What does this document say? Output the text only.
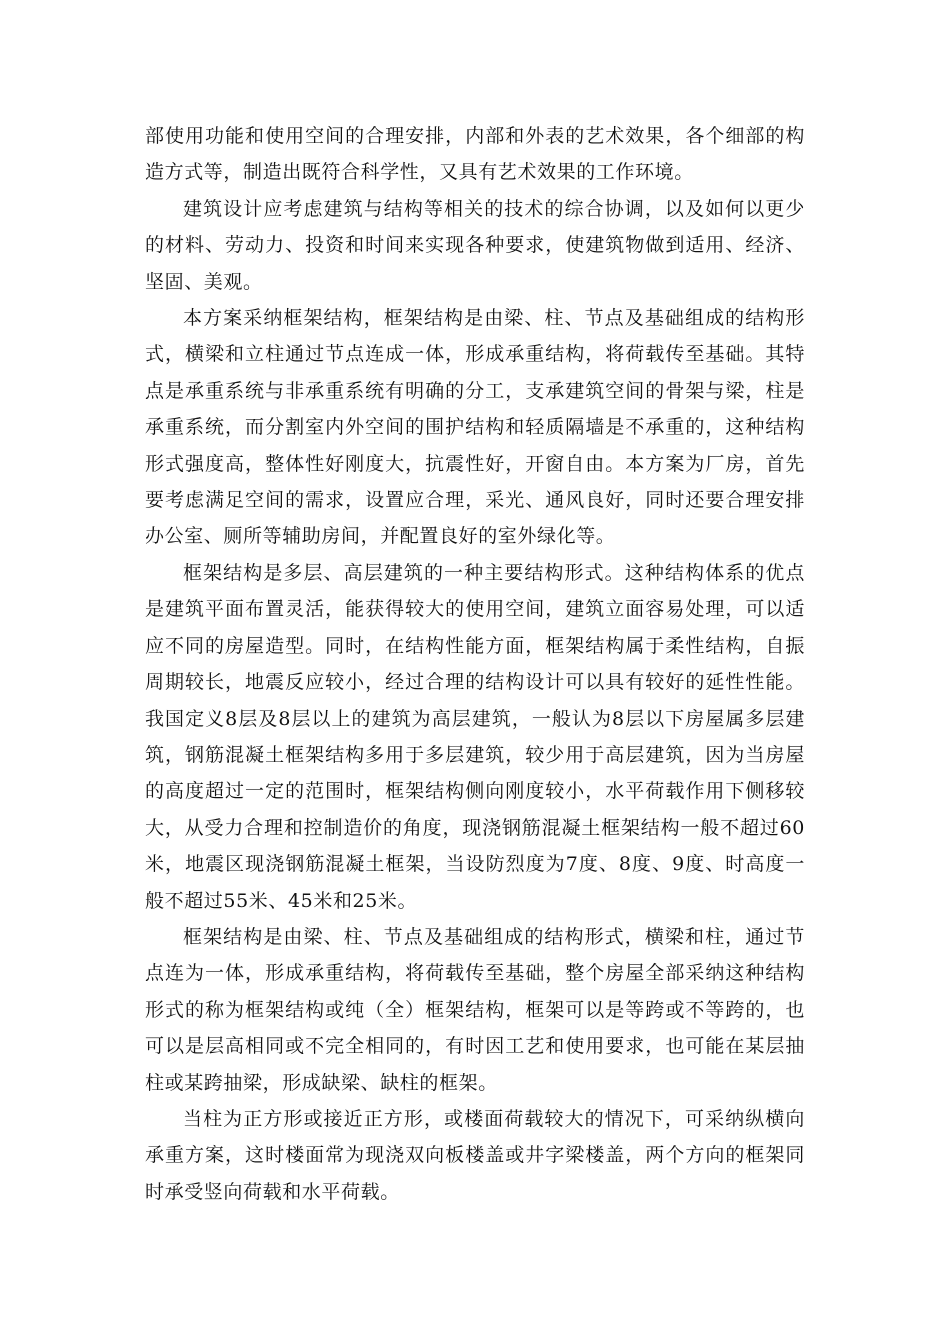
部使用功能和使用空间的合理安排，内部和外表的艺术效果，各个细部的构造方式等，制造出既符合科学性，又具有艺术效果的工作环境。

建筑设计应考虑建筑与结构等相关的技术的综合协调，以及如何以更少的材料、劳动力、投资和时间来实现各种要求，使建筑物做到适用、经济、坚固、美观。

本方案采纳框架结构，框架结构是由梁、柱、节点及基础组成的结构形式，横梁和立柱通过节点连成一体，形成承重结构，将荷载传至基础。其特点是承重系统与非承重系统有明确的分工，支承建筑空间的骨架与梁，柱是承重系统，而分割室内外空间的围护结构和轻质隔墙是不承重的，这种结构形式强度高，整体性好刚度大，抗震性好，开窗自由。本方案为厂房，首先要考虑满足空间的需求，设置应合理，采光、通风良好，同时还要合理安排办公室、厕所等辅助房间，并配置良好的室外绿化等。

框架结构是多层、高层建筑的一种主要结构形式。这种结构体系的优点是建筑平面布置灵活，能获得较大的使用空间，建筑立面容易处理，可以适应不同的房屋造型。同时，在结构性能方面，框架结构属于柔性结构，自振周期较长，地震反应较小，经过合理的结构设计可以具有较好的延性性能。我国定义8层及8层以上的建筑为高层建筑，一般认为8层以下房屋属多层建筑，钢筋混凝土框架结构多用于多层建筑，较少用于高层建筑，因为当房屋的高度超过一定的范围时，框架结构侧向刚度较小，水平荷载作用下侧移较大，从受力合理和控制造价的角度，现浇钢筋混凝土框架结构一般不超过60米，地震区现浇钢筋混凝土框架，当设防烈度为7度、8度、9度、时高度一般不超过55米、45米和25米。

框架结构是由梁、柱、节点及基础组成的结构形式，横梁和柱，通过节点连为一体，形成承重结构，将荷载传至基础，整个房屋全部采纳这种结构形式的称为框架结构或纯（全）框架结构，框架可以是等跨或不等跨的，也可以是层高相同或不完全相同的，有时因工艺和使用要求，也可能在某层抽柱或某跨抽梁，形成缺梁、缺柱的框架。

当柱为正方形或接近正方形，或楼面荷载较大的情况下，可采纳纵横向承重方案，这时楼面常为现浇双向板楼盖或井字梁楼盖，两个方向的框架同时承受竖向荷载和水平荷载。
